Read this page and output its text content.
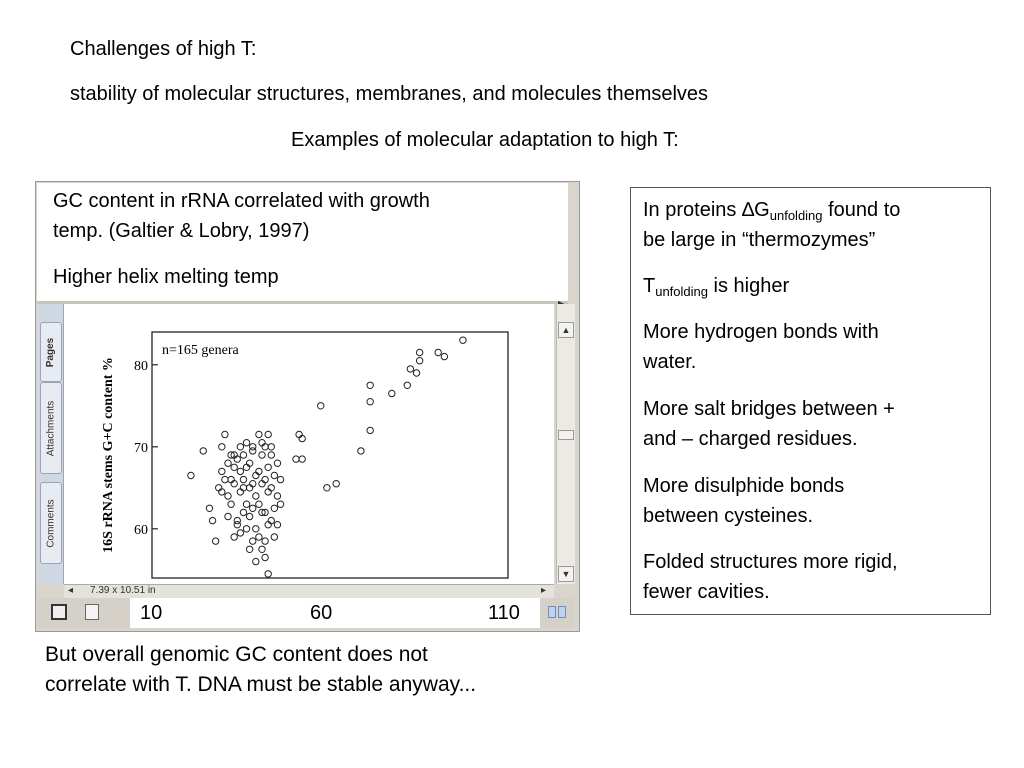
Challenges of high T:
stability of molecular structures, membranes, and molecules themselves
Examples of molecular adaptation to high T:
GC content in rRNA correlated with growth
temp. (Galtier & Lobry, 1997)
Higher helix melting temp
Pages
Attachments
Comments	60
70
80
16S rRNA stems G+C content %
n=165 genera
▲
▼
◂ 7.39 x 10.51 in	▸
10	60	110
But overall genomic GC content does not
correlate with T. DNA must be stable anyway...
In proteins $\Delta G_{unfolding}$ found to
be large in “thermozymes”
$T_{unfolding}$ is higher
More hydrogen bonds with
water.
More salt bridges between +
and – charged residues.
More disulphide bonds
between cysteines.
Folded structures more rigid,
fewer cavities.
